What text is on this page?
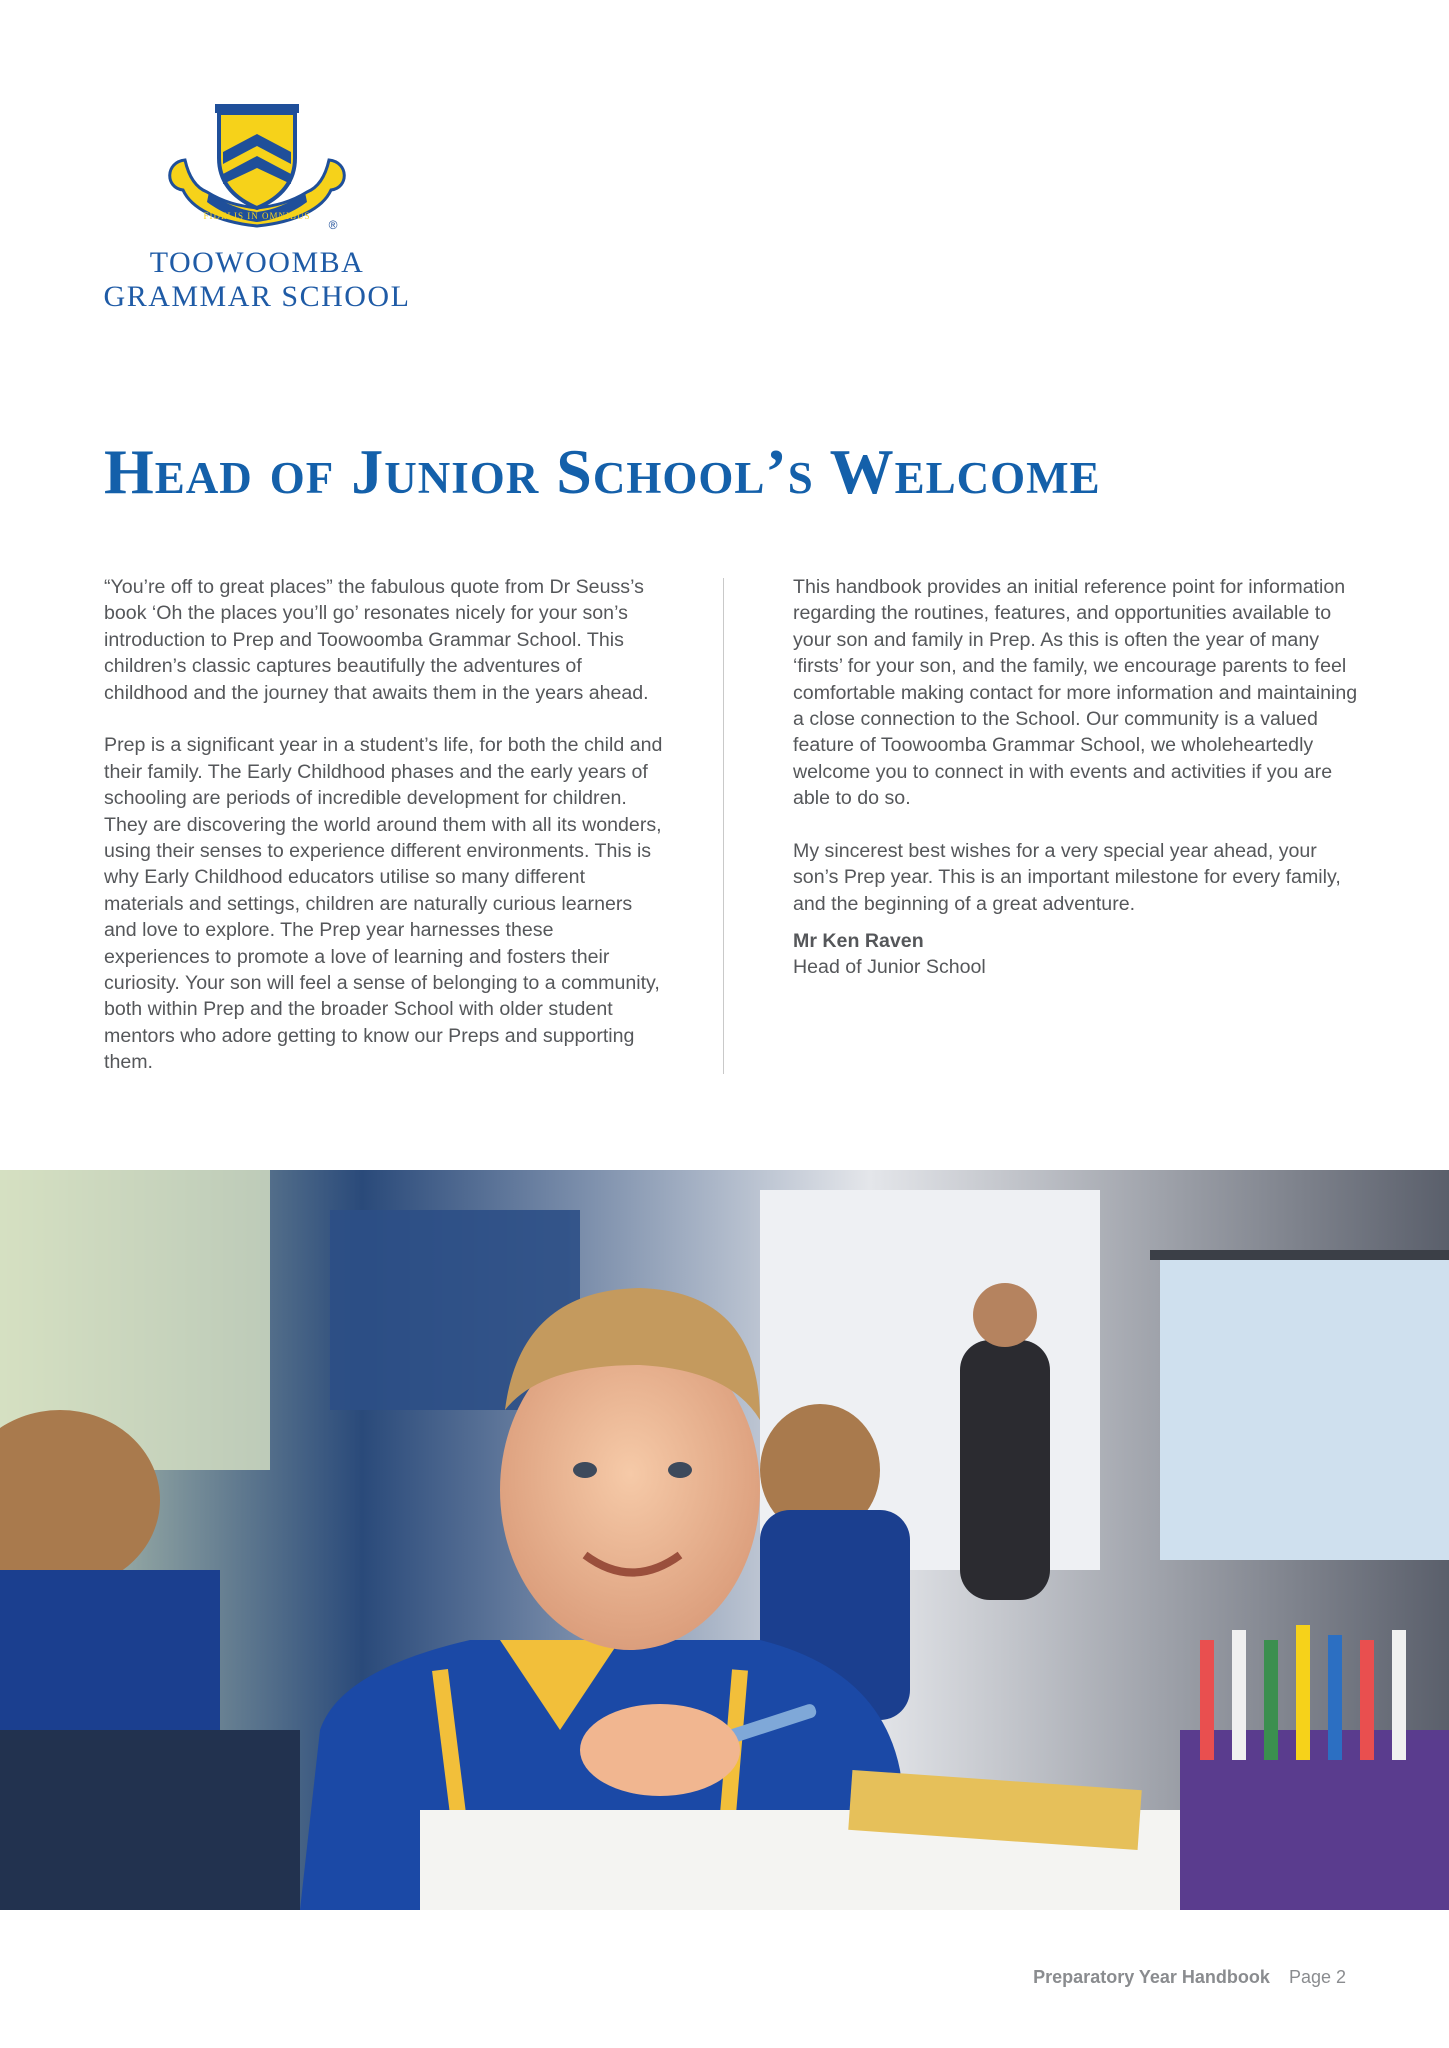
FIDELIS IN OMNIBUS
®
TOOWOOMBA
GRAMMAR SCHOOL
Head of Junior School’s Welcome

“You’re off to great places” the fabulous quote from Dr Seuss’s book ‘Oh the places you’ll go’ resonates nicely for your son’s introduction to Prep and Toowoomba Grammar School. This children’s classic captures beautifully the adventures of childhood and the journey that awaits them in the years ahead.

Prep is a significant year in a student’s life, for both the child and their family. The Early Childhood phases and the early years of schooling are periods of incredible development for children. They are discovering the world around them with all its wonders, using their senses to experience different environments. This is why Early Childhood educators utilise so many different materials and settings, children are naturally curious learners and love to explore. The Prep year harnesses these experiences to promote a love of learning and fosters their curiosity. Your son will feel a sense of belonging to a community, both within Prep and the broader School with older student mentors who adore getting to know our Preps and supporting them.

This handbook provides an initial reference point for information regarding the routines, features, and opportunities available to your son and family in Prep. As this is often the year of many ‘firsts’ for your son, and the family, we encourage parents to feel comfortable making contact for more information and maintaining a close connection to the School. Our community is a valued feature of Toowoomba Grammar School, we wholeheartedly welcome you to connect in with events and activities if you are able to do so.

My sincerest best wishes for a very special year ahead, your son’s Prep year. This is an important milestone for every family, and the beginning of a great adventure.

Mr Ken Raven
Head of Junior School
Preparatory Year Handbook Page 2
